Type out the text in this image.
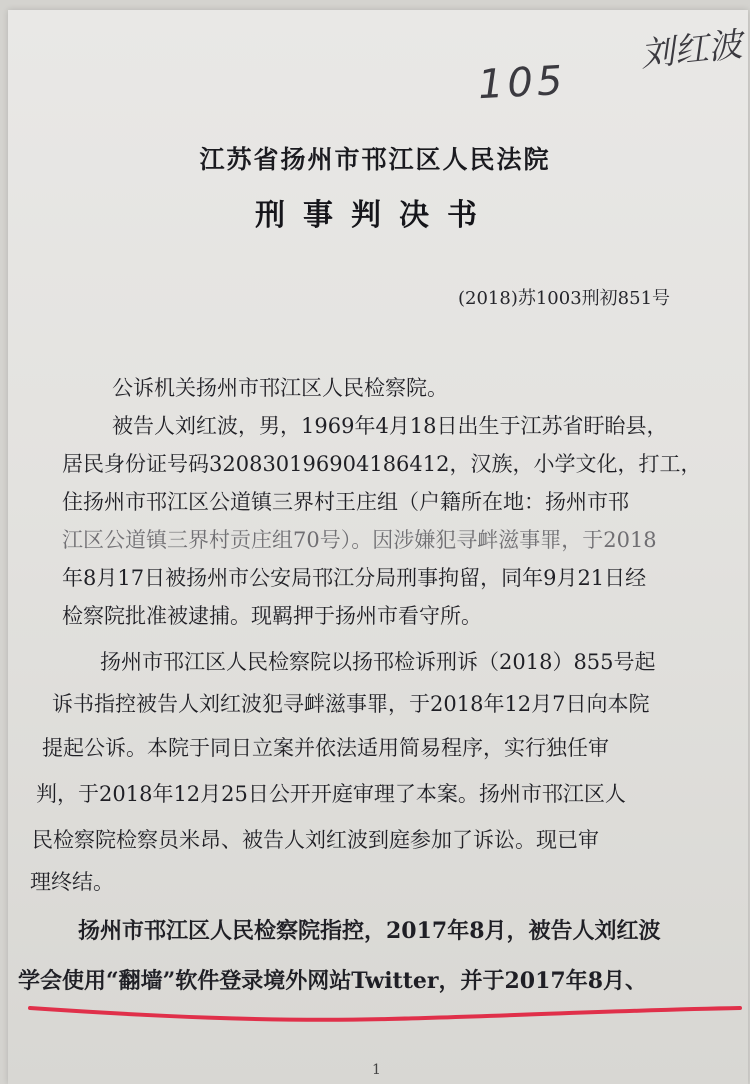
105
刘红波
江苏省扬州市邗江区人民法院
刑事判决书
(2018)苏1003刑初851号
公诉机关扬州市邗江区人民检察院。
被告人刘红波，男，1969年4月18日出生于江苏省盱眙县，
居民身份证号码320830196904186412，汉族，小学文化，打工，
住扬州市邗江区公道镇三界村王庄组（户籍所在地：扬州市邗
江区公道镇三界村贡庄组70号）。因涉嫌犯寻衅滋事罪，于2018
年8月17日被扬州市公安局邗江分局刑事拘留，同年9月21日经
检察院批准被逮捕。现羁押于扬州市看守所。
扬州市邗江区人民检察院以扬邗检诉刑诉（2018）855号起
诉书指控被告人刘红波犯寻衅滋事罪，于2018年12月7日向本院
提起公诉。本院于同日立案并依法适用简易程序，实行独任审
判，于2018年12月25日公开开庭审理了本案。扬州市邗江区人
民检察院检察员米昂、被告人刘红波到庭参加了诉讼。现已审
理终结。
扬州市邗江区人民检察院指控，2017年8月，被告人刘红波
学会使用“翻墙”软件登录境外网站Twitter，并于2017年8月、
1
